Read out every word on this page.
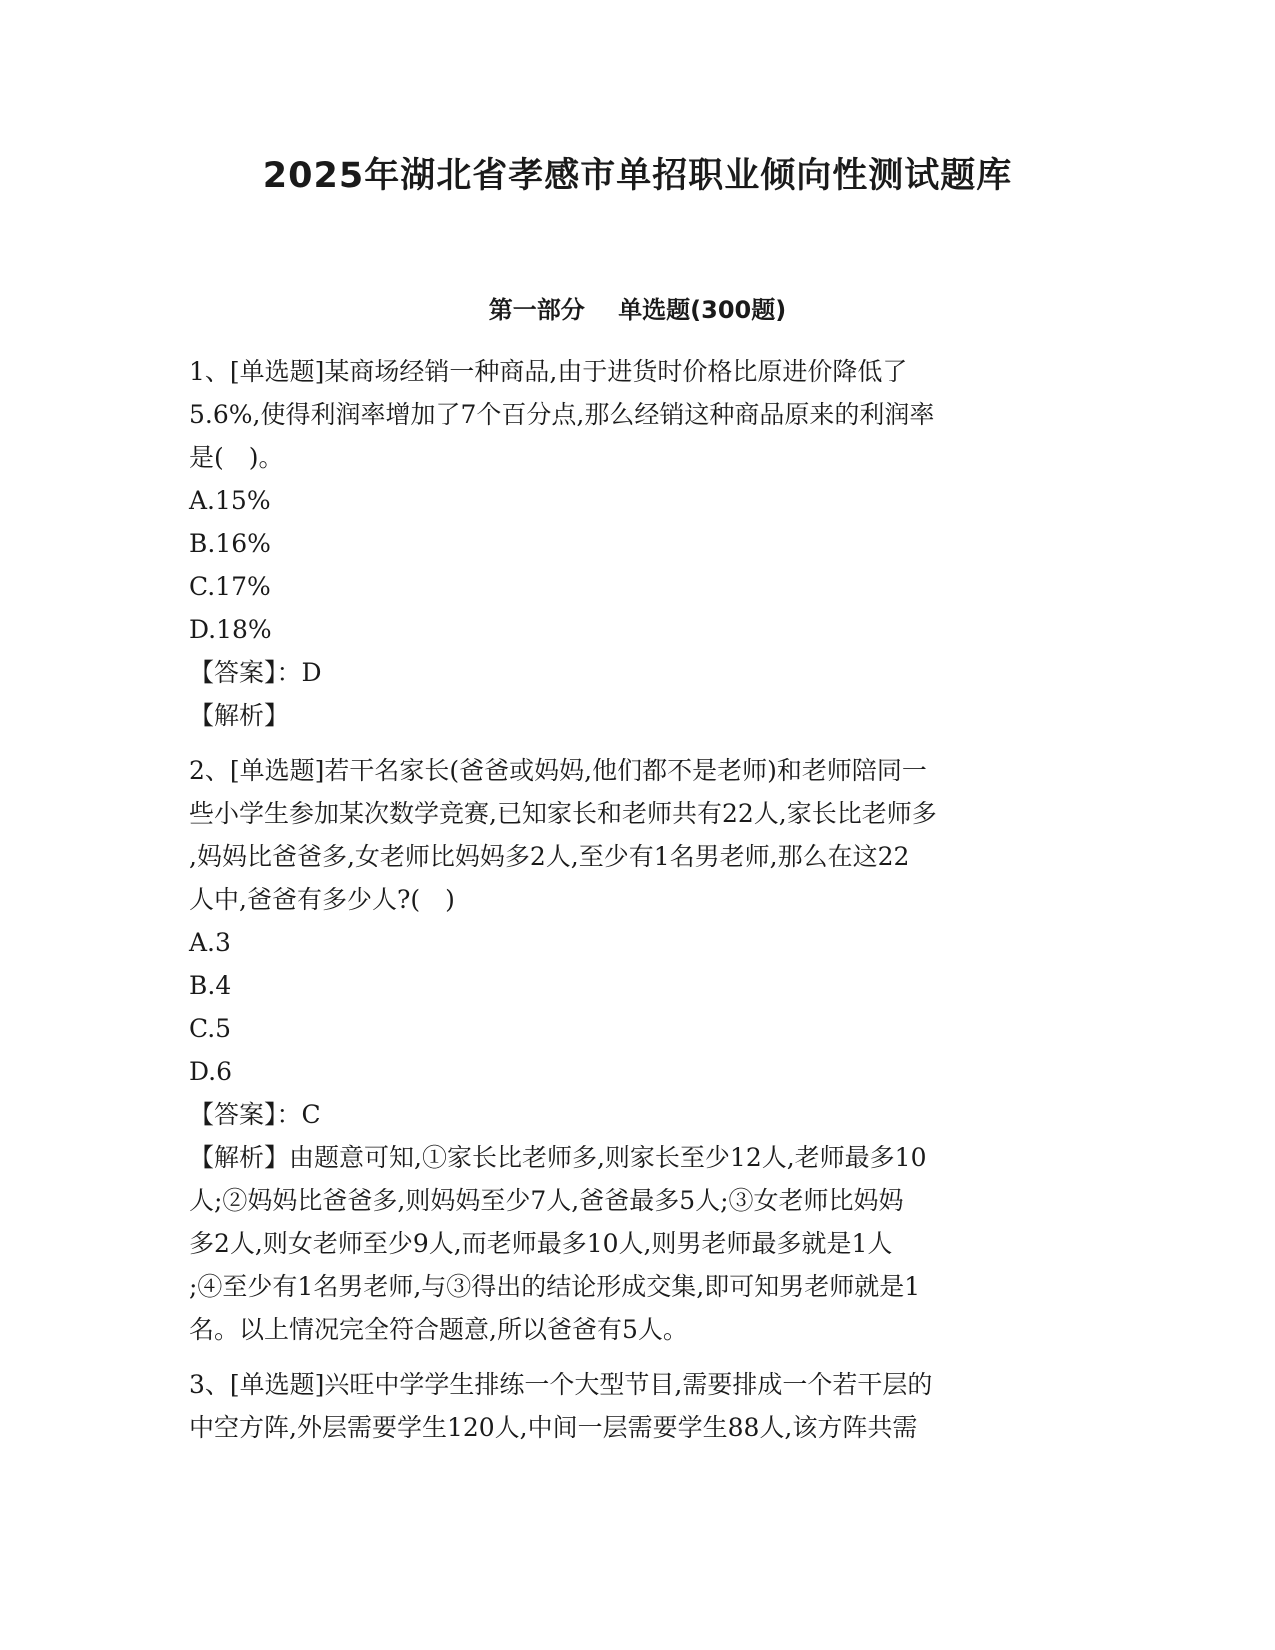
2025年湖北省孝感市单招职业倾向性测试题库
第一部分 单选题(300题)
1、[单选题]某商场经销一种商品,由于进货时价格比原进价降低了
5.6%,使得利润率增加了7个百分点,那么经销这种商品原来的利润率
是(　)。
A.15%
B.16%
C.17%
D.18%
【答案】：D
【解析】
2、[单选题]若干名家长(爸爸或妈妈,他们都不是老师)和老师陪同一
些小学生参加某次数学竞赛,已知家长和老师共有22人,家长比老师多
,妈妈比爸爸多,女老师比妈妈多2人,至少有1名男老师,那么在这22
人中,爸爸有多少人?(　)
A.3
B.4
C.5
D.6
【答案】：C
【解析】由题意可知,①家长比老师多,则家长至少12人,老师最多10
人;②妈妈比爸爸多,则妈妈至少7人,爸爸最多5人;③女老师比妈妈
多2人,则女老师至少9人,而老师最多10人,则男老师最多就是1人
;④至少有1名男老师,与③得出的结论形成交集,即可知男老师就是1
名。以上情况完全符合题意,所以爸爸有5人。
3、[单选题]兴旺中学学生排练一个大型节目,需要排成一个若干层的
中空方阵,外层需要学生120人,中间一层需要学生88人,该方阵共需
